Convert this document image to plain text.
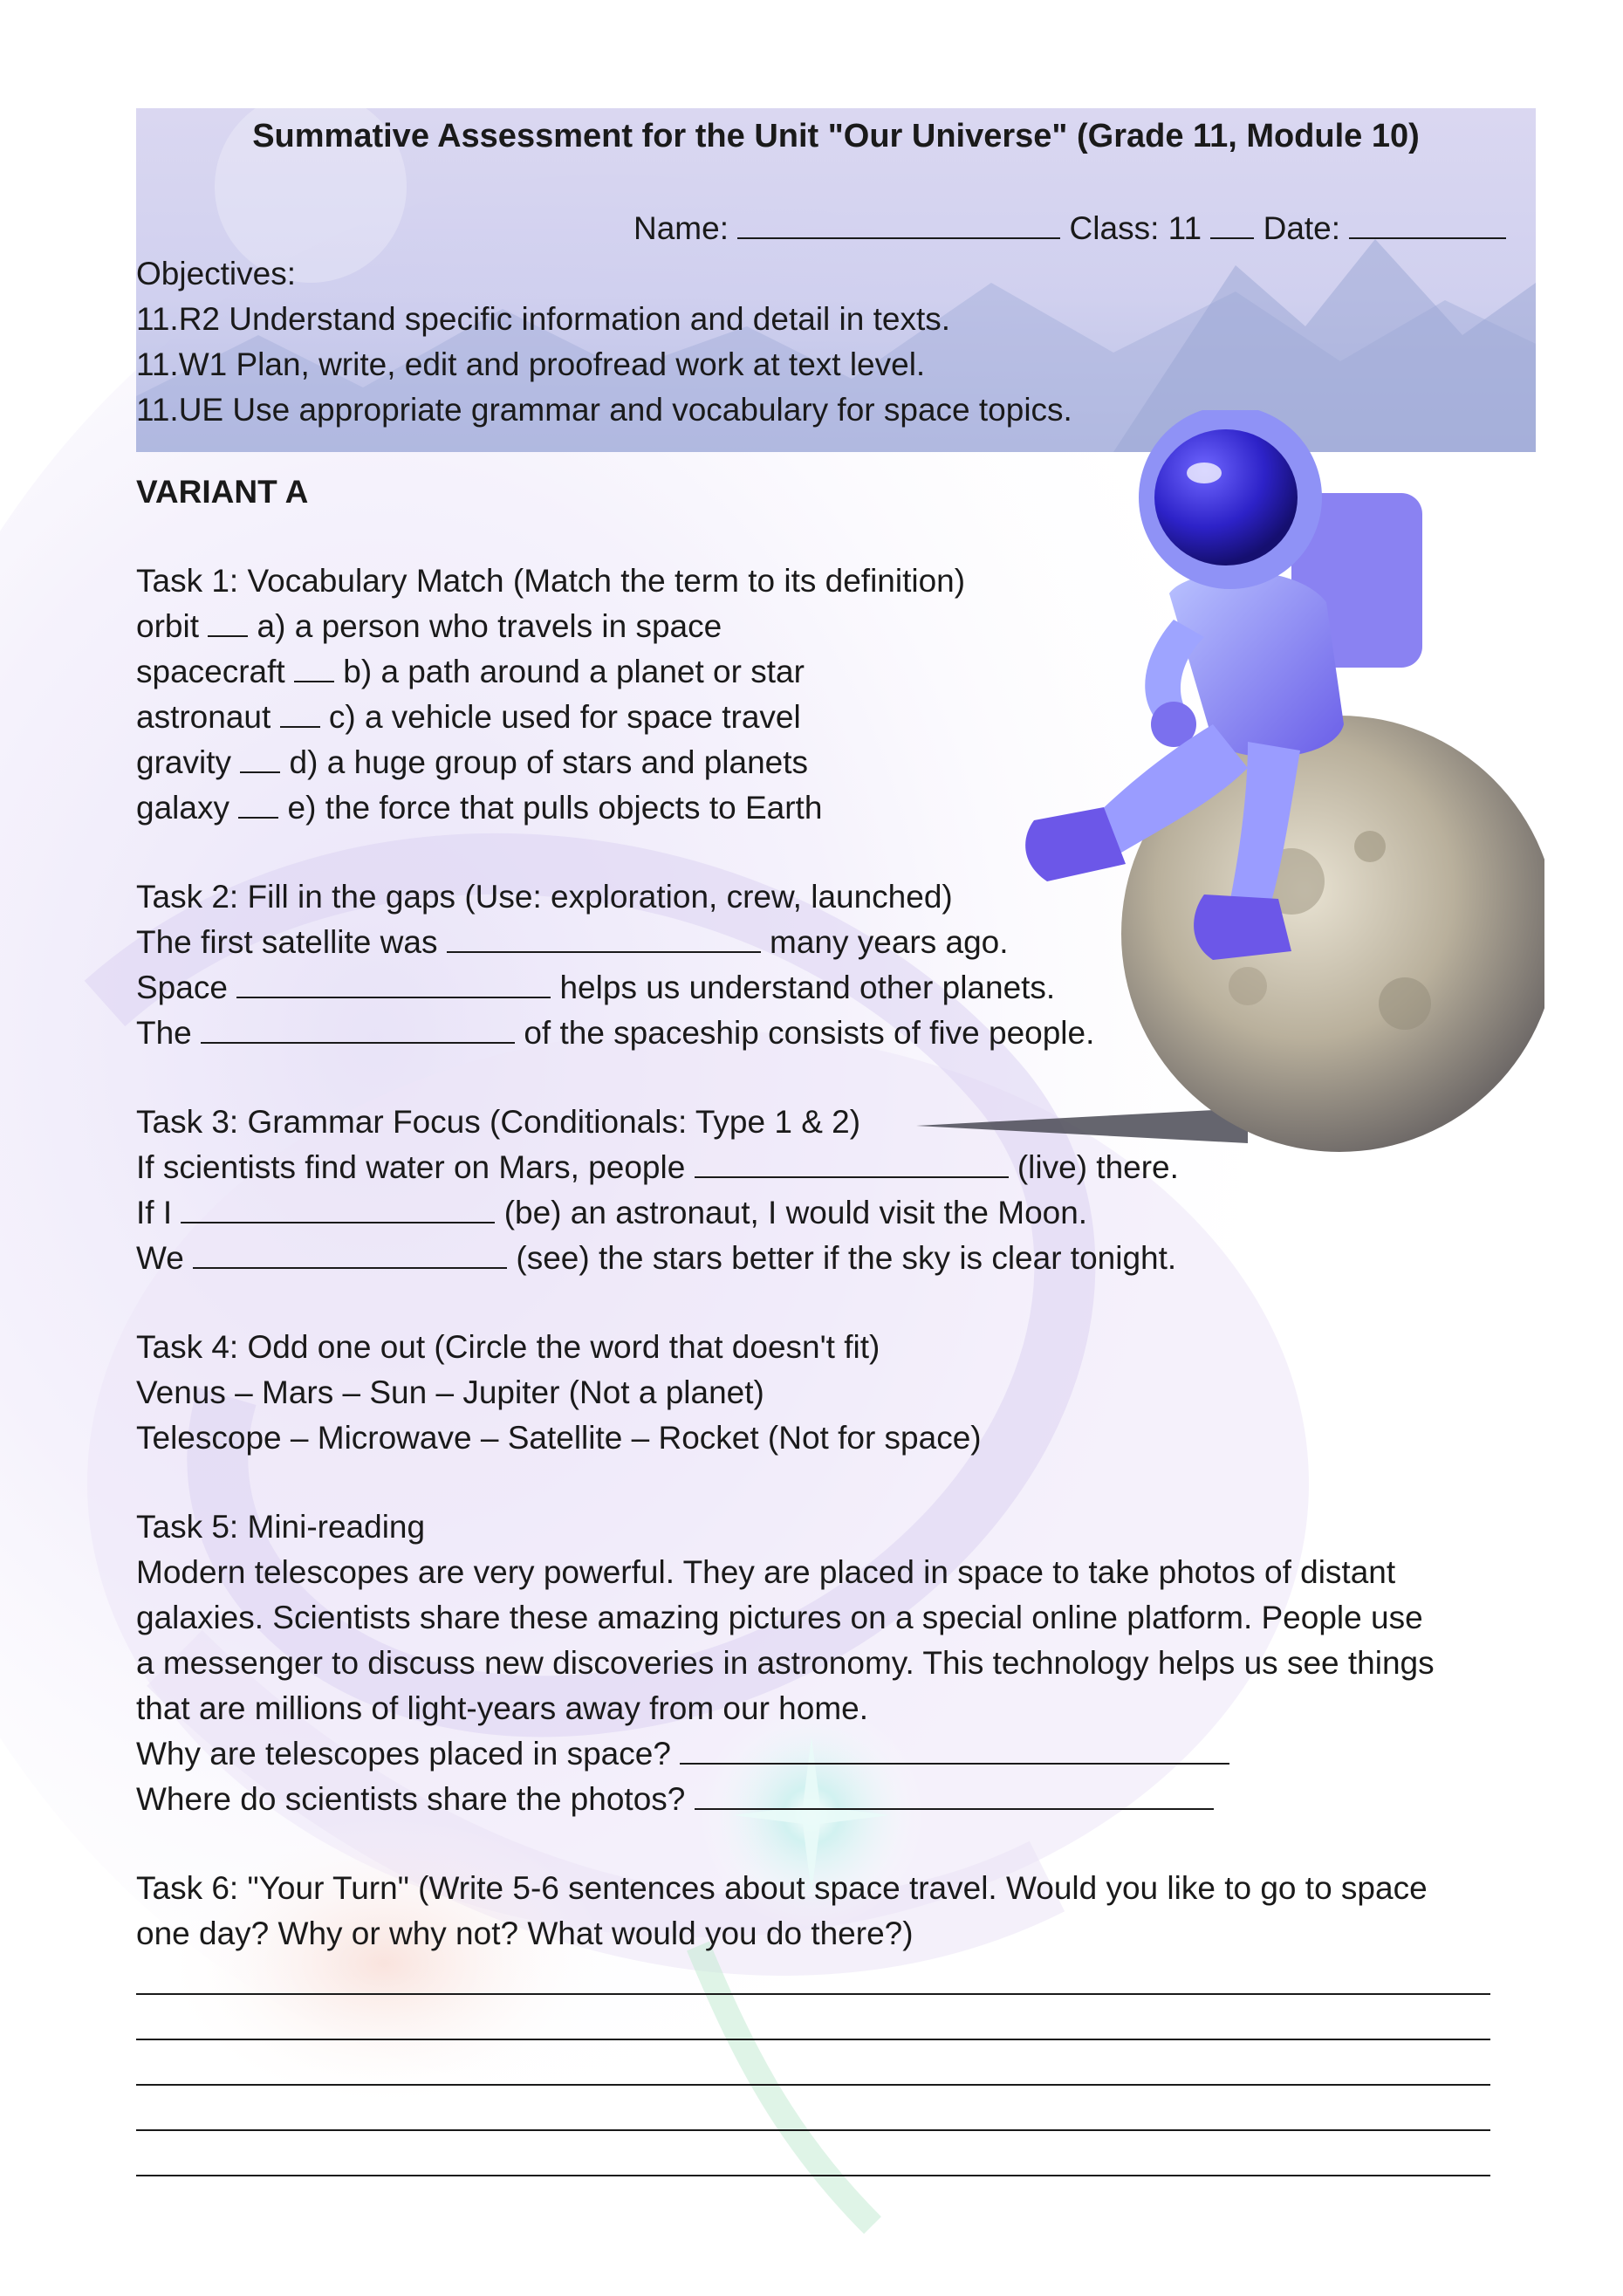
Summative Assessment for the Unit "Our Universe" (Grade 11, Module 10)
Name:	Class: 11 Date:
Objectives:
11.R2 Understand specific information and detail in texts.
11.W1 Plan, write, edit and proofread work at text level.
11.UE Use appropriate grammar and vocabulary for space topics.
VARIANT A
Task 1: Vocabulary Match (Match the term to its definition)
orbit a) a person who travels in space
spacecraft b) a path around a planet or star
astronaut c) a vehicle used for space travel
gravity d) a huge group of stars and planets
galaxy e) the force that pulls objects to Earth
Task 2: Fill in the gaps (Use: exploration, crew, launched)
The first satellite was	many years ago.
Space	helps us understand other planets.
The	of the spaceship consists of five people.
Task 3: Grammar Focus (Conditionals: Type 1 & 2)
If scientists find water on Mars, people	(live) there.
If I	(be) an astronaut, I would visit the Moon.
We	(see) the stars better if the sky is clear tonight.
Task 4: Odd one out (Circle the word that doesn't fit)
Venus – Mars – Sun – Jupiter (Not a planet)
Telescope – Microwave – Satellite – Rocket (Not for space)
Task 5: Mini-reading
Modern telescopes are very powerful. They are placed in space to take photos of distant
galaxies. Scientists share these amazing pictures on a special online platform. People use
a messenger to discuss new discoveries in astronomy. This technology helps us see things
that are millions of light-years away from our home.
Why are telescopes placed in space?
Where do scientists share the photos?
Task 6: "Your Turn" (Write 5-6 sentences about space travel. Would you like to go to space
one day? Why or why not? What would you do there?)
